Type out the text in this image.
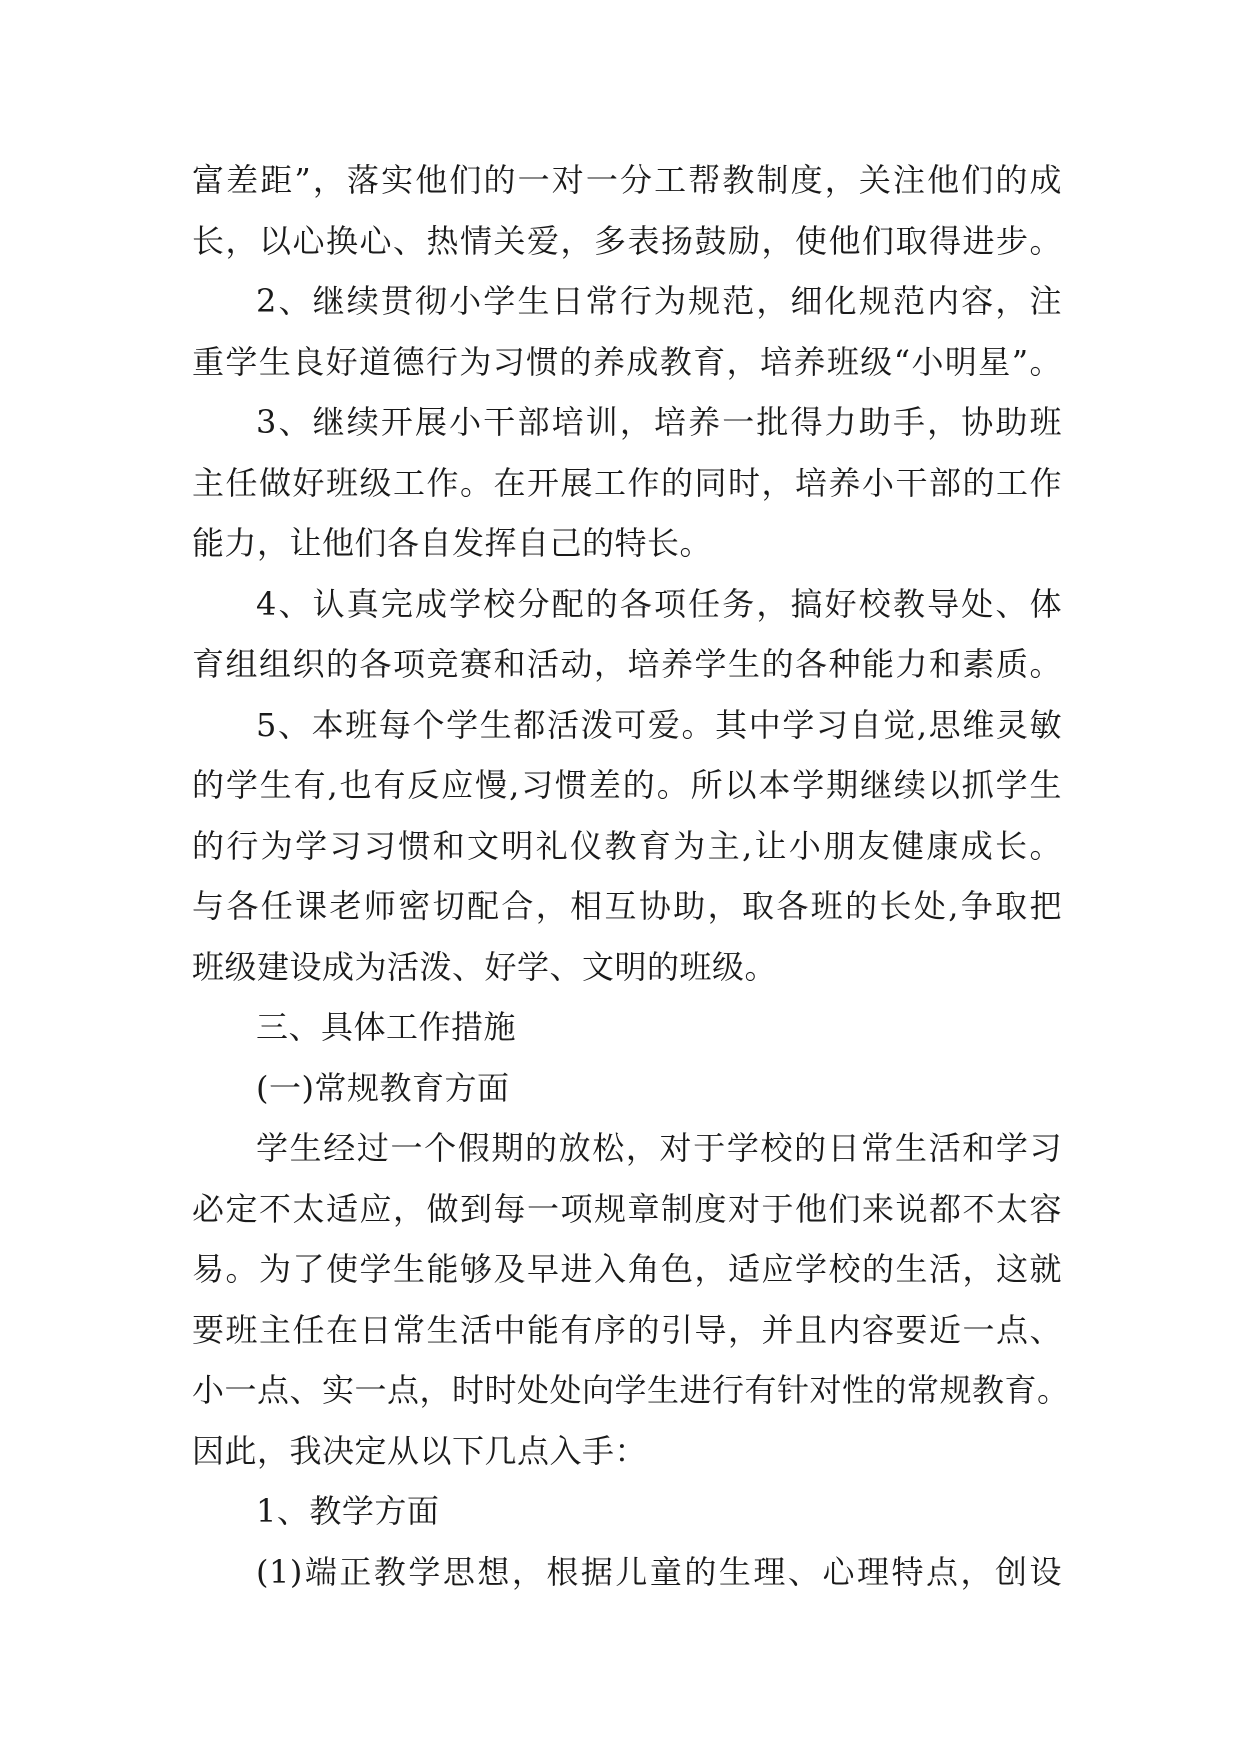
富差距”，落实他们的一对一分工帮教制度，关注他们的成
长，以心换心、热情关爱，多表扬鼓励，使他们取得进步。
2、继续贯彻小学生日常行为规范，细化规范内容，注
重学生良好道德行为习惯的养成教育，培养班级“小明星”。
3、继续开展小干部培训，培养一批得力助手，协助班
主任做好班级工作。在开展工作的同时，培养小干部的工作
能力，让他们各自发挥自己的特长。
4、认真完成学校分配的各项任务，搞好校教导处、体
育组组织的各项竞赛和活动，培养学生的各种能力和素质。
5、本班每个学生都活泼可爱。其中学习自觉,思维灵敏
的学生有,也有反应慢,习惯差的。所以本学期继续以抓学生
的行为学习习惯和文明礼仪教育为主,让小朋友健康成长。
与各任课老师密切配合，相互协助，取各班的长处,争取把
班级建设成为活泼、好学、文明的班级。
三、具体工作措施
(一)常规教育方面
学生经过一个假期的放松，对于学校的日常生活和学习
必定不太适应，做到每一项规章制度对于他们来说都不太容
易。为了使学生能够及早进入角色，适应学校的生活，这就
要班主任在日常生活中能有序的引导，并且内容要近一点、
小一点、实一点，时时处处向学生进行有针对性的常规教育。
因此，我决定从以下几点入手：
1、教学方面
(1)端正教学思想，根据儿童的生理、心理特点，创设
